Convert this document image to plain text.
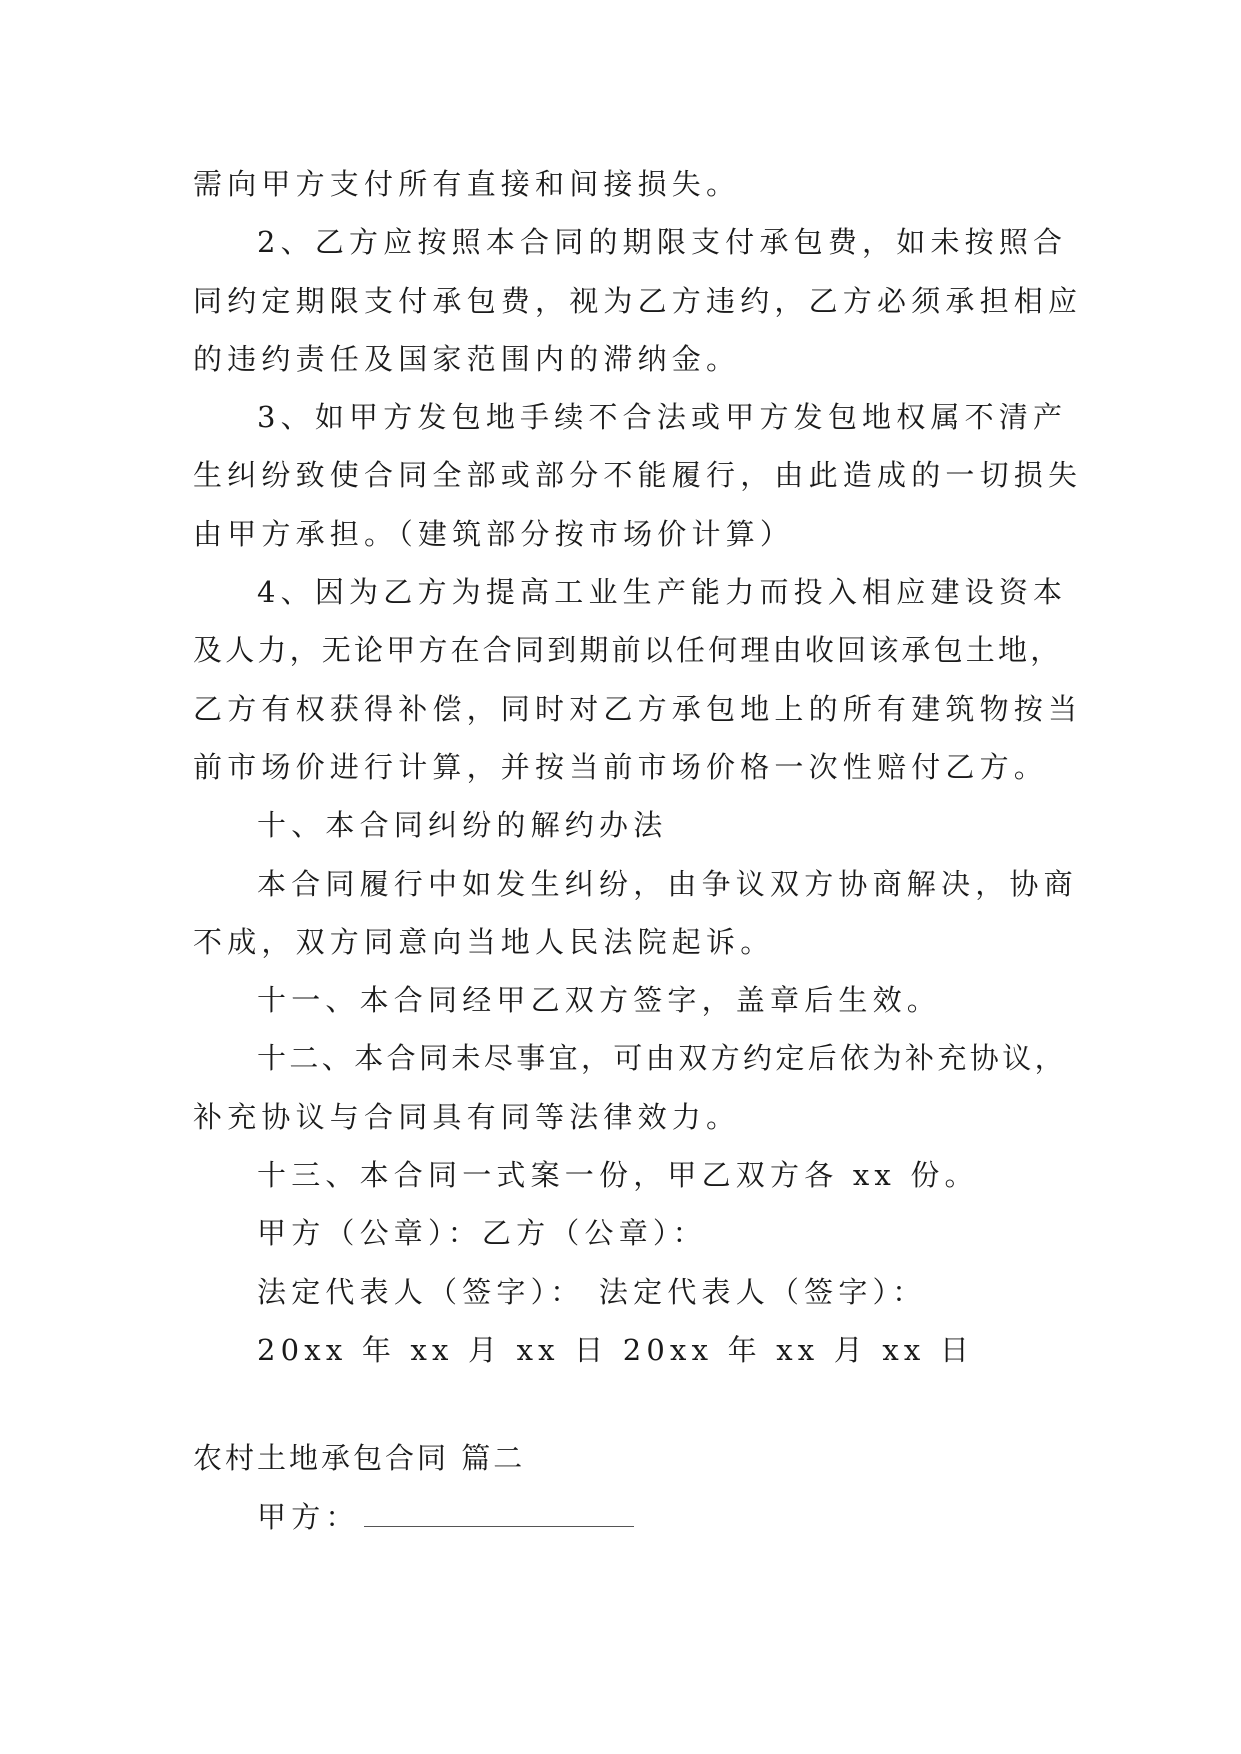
需向甲方支付所有直接和间接损失。
2、乙方应按照本合同的期限支付承包费，如未按照合
同约定期限支付承包费，视为乙方违约，乙方必须承担相应
的违约责任及国家范围内的滞纳金。
3、如甲方发包地手续不合法或甲方发包地权属不清产
生纠纷致使合同全部或部分不能履行，由此造成的一切损失
由甲方承担。（建筑部分按市场价计算）
4、因为乙方为提高工业生产能力而投入相应建设资本
及人力，无论甲方在合同到期前以任何理由收回该承包土地，
乙方有权获得补偿，同时对乙方承包地上的所有建筑物按当
前市场价进行计算，并按当前市场价格一次性赔付乙方。
十、本合同纠纷的解约办法
本合同履行中如发生纠纷，由争议双方协商解决，协商
不成，双方同意向当地人民法院起诉。
十一、本合同经甲乙双方签字，盖章后生效。
十二、本合同未尽事宜，可由双方约定后依为补充协议，
补充协议与合同具有同等法律效力。
十三、本合同一式案一份，甲乙双方各 xx 份。
甲方（公章）：乙方（公章）：
法定代表人（签字）： 法定代表人（签字）：
20xx 年 xx 月 xx 日 20xx 年 xx 月 xx 日
农村土地承包合同 篇二
甲方：
